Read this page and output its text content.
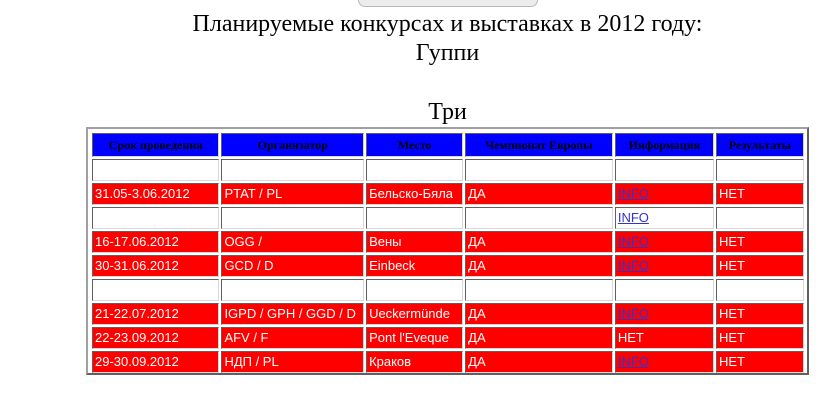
Планируемые конкурсах и выставках в 2012 году:
Гуппи
Три
Срок проведения	Организатор	Место	Чемпионат Европы	Информация	Результаты

31.05-3.06.2012	PTAT / PL	Бельско-Бяла	ДА	INFO	НЕТ
				INFO	
16-17.06.2012	OGG /	Вены	ДА	INFO	НЕТ
30-31.06.2012	GCD / D	Einbeck	ДА	INFO	НЕТ

21-22.07.2012	IGPD / GPH / GGD / D	Ueckermünde	ДА	INFO	НЕТ
22-23.09.2012	AFV / F	Pont l'Eveque	ДА	НЕТ	НЕТ
29-30.09.2012	НДП / PL	Краков	ДА	INFO	НЕТ
